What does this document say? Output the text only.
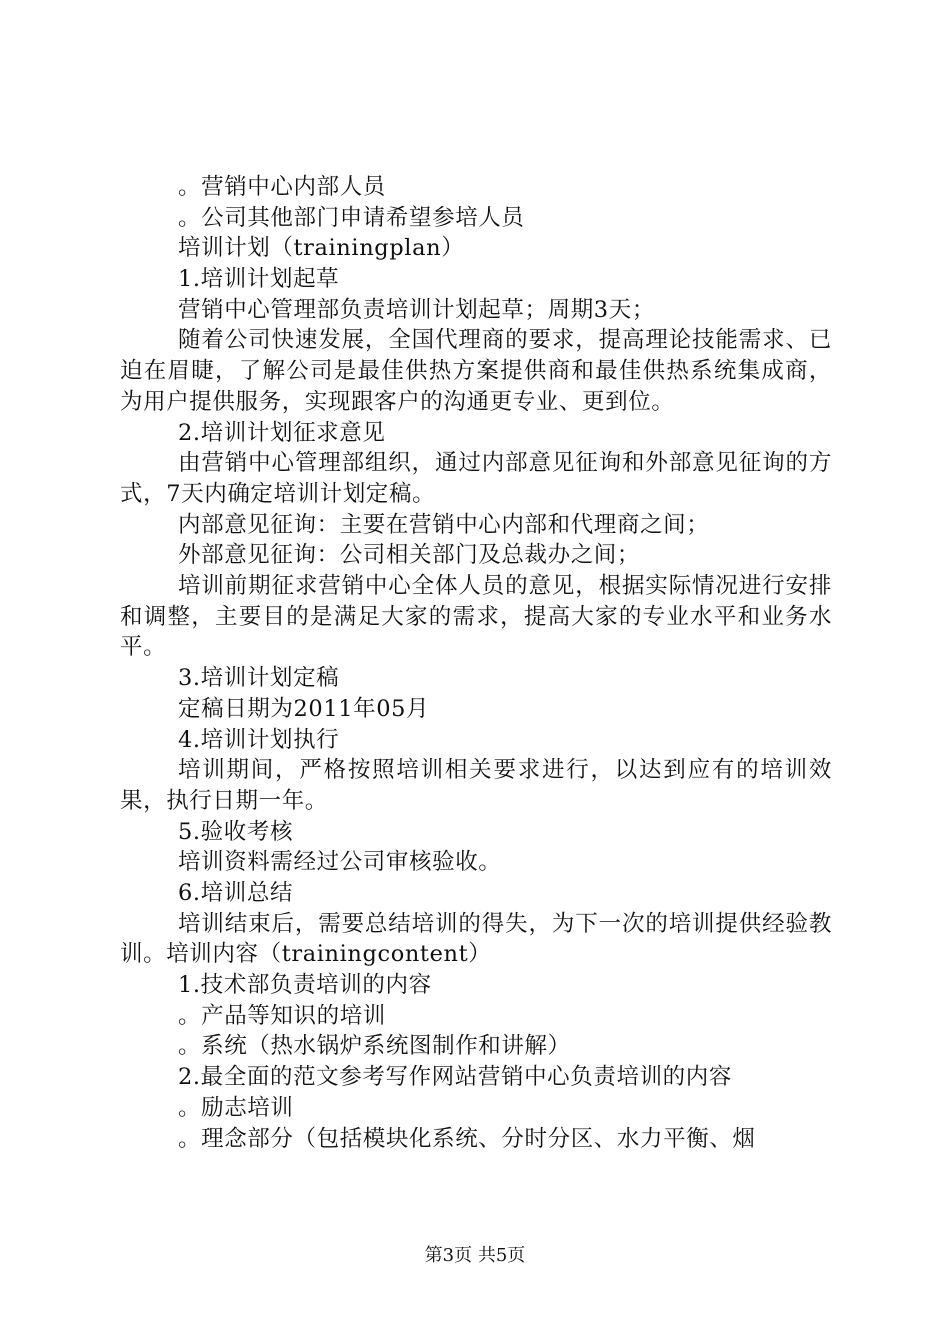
。营销中心内部人员
。公司其他部门申请希望参培人员
培训计划（trainingplan）
1.培训计划起草
营销中心管理部负责培训计划起草；周期3天；
随着公司快速发展，全国代理商的要求，提高理论技能需求、已迫在眉睫，了解公司是最佳供热方案提供商和最佳供热系统集成商，为用户提供服务，实现跟客户的沟通更专业、更到位。
2.培训计划征求意见
由营销中心管理部组织，通过内部意见征询和外部意见征询的方式，7天内确定培训计划定稿。
内部意见征询：主要在营销中心内部和代理商之间；
外部意见征询：公司相关部门及总裁办之间；
培训前期征求营销中心全体人员的意见，根据实际情况进行安排和调整，主要目的是满足大家的需求，提高大家的专业水平和业务水平。
3.培训计划定稿
定稿日期为2011年05月
4.培训计划执行
培训期间，严格按照培训相关要求进行，以达到应有的培训效果，执行日期一年。
5.验收考核
培训资料需经过公司审核验收。
6.培训总结
培训结束后，需要总结培训的得失，为下一次的培训提供经验教训。培训内容（trainingcontent）
1.技术部负责培训的内容
。产品等知识的培训
。系统（热水锅炉系统图制作和讲解）
2.最全面的范文参考写作网站营销中心负责培训的内容
。励志培训
。理念部分（包括模块化系统、分时分区、水力平衡、烟
第3页 共5页
